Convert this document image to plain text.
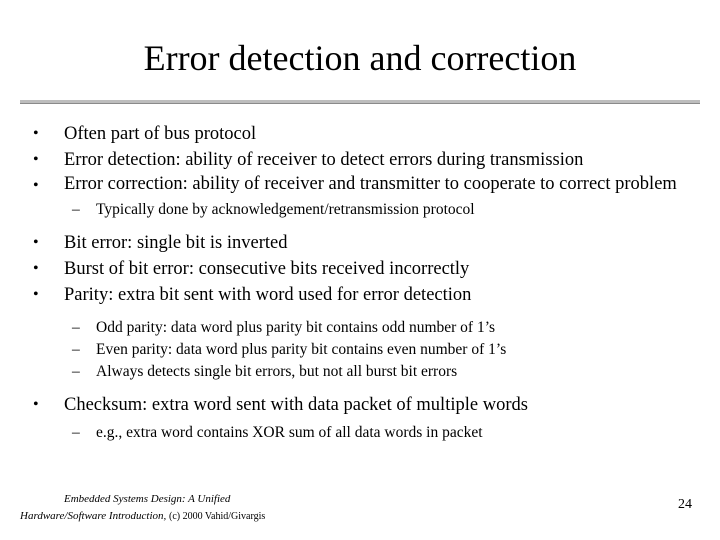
Error detection and correction
• Often part of bus protocol
• Error detection: ability of receiver to detect errors during transmission
• Error correction: ability of receiver and transmitter to cooperate to correct problem
– Typically done by acknowledgement/retransmission protocol
• Bit error: single bit is inverted
• Burst of bit error: consecutive bits received incorrectly
• Parity: extra bit sent with word used for error detection
– Odd parity: data word plus parity bit contains odd number of 1’s
– Even parity: data word plus parity bit contains even number of 1’s
– Always detects single bit errors, but not all burst bit errors
• Checksum: extra word sent with data packet of multiple words
– e.g., extra word contains XOR sum of all data words in packet
Embedded Systems Design: A Unified
Hardware/Software Introduction, (c) 2000 Vahid/Givargis
24
